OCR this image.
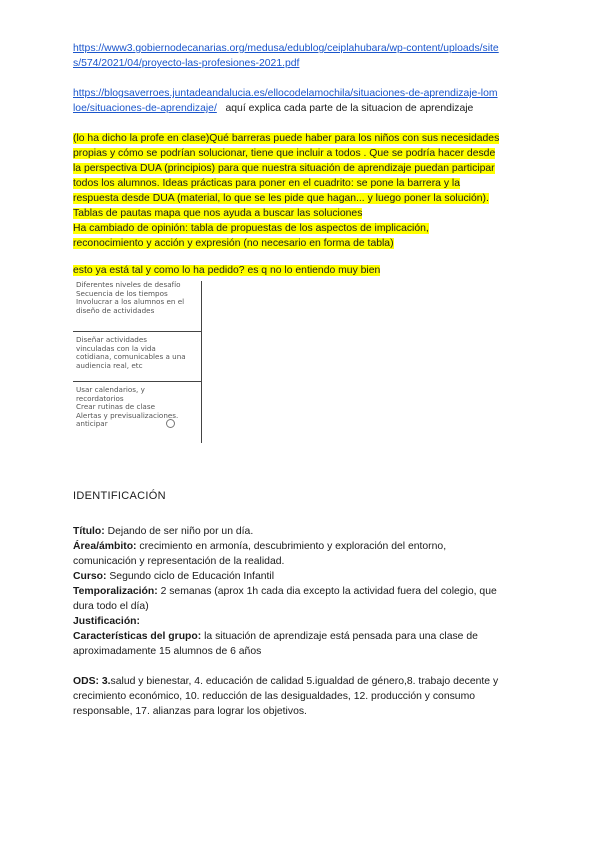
https://www3.gobiernodecanarias.org/medusa/edublog/ceiplahubara/wp-content/uploads/site
s/574/2021/04/proyecto-las-profesiones-2021.pdf
https://blogsaverroes.juntadeandalucia.es/ellocodelamochila/situaciones-de-aprendizaje-lom
loe/situaciones-de-aprendizaje/ aquí explica cada parte de la situacion de aprendizaje
(lo ha dicho la profe en clase)Qué barreras puede haber para los niños con sus necesidades
propias y cómo se podrían solucionar, tiene que incluir a todos . Que se podría hacer desde
la perspectiva DUA (principios) para que nuestra situación de aprendizaje puedan participar
todos los alumnos. Ideas prácticas para poner en el cuadrito: se pone la barrera y la
respuesta desde DUA (material, lo que se les pide que hagan... y luego poner la solución).
Tablas de pautas mapa que nos ayuda a buscar las soluciones
Ha cambiado de opinión: tabla de propuestas de los aspectos de implicación,
reconocimiento y acción y expresión (no necesario en forma de tabla)
esto ya está tal y como lo ha pedido? es q no lo entiendo muy bien
Diferentes niveles de desafío
Secuencia de los tiempos
Involucrar a los alumnos en el
diseño de actividades
Diseñar actividades
vinculadas con la vida
cotidiana, comunicables a una
audiencia real, etc
Usar calendarios, y
recordatorios
Crear rutinas de clase
Alertas y previsualizaciones.
anticipar
IDENTIFICACIÓN
Título: Dejando de ser niño por un día.
Área/ámbito: crecimiento en armonía, descubrimiento y exploración del entorno,
comunicación y representación de la realidad.
Curso: Segundo ciclo de Educación Infantil
Temporalización: 2 semanas (aprox 1h cada dia excepto la actividad fuera del colegio, que
dura todo el día)
Justificación:
Características del grupo: la situación de aprendizaje está pensada para una clase de
aproximadamente 15 alumnos de 6 años
ODS: 3.salud y bienestar, 4. educación de calidad 5.igualdad de género,8. trabajo decente y
crecimiento económico, 10. reducción de las desigualdades, 12. producción y consumo
responsable, 17. alianzas para lograr los objetivos.
